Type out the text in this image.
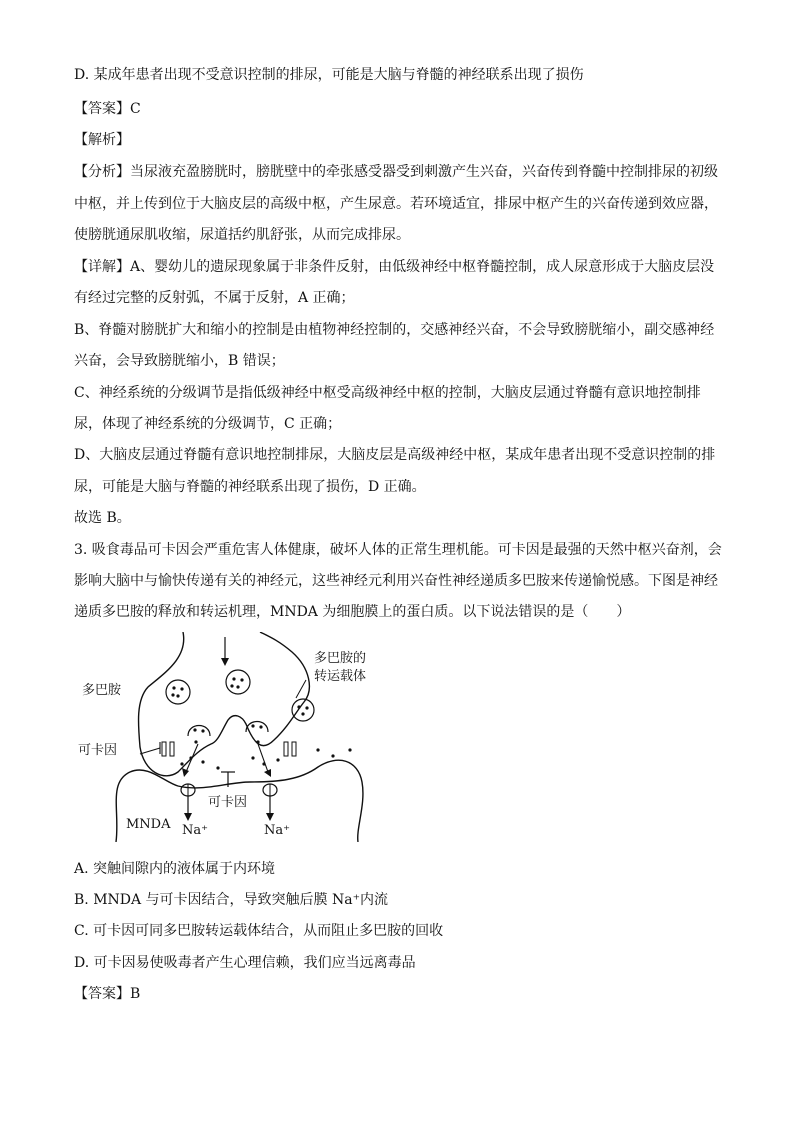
D. 某成年患者出现不受意识控制的排尿，可能是大脑与脊髓的神经联系出现了损伤
【答案】C
【解析】
【分析】当尿液充盈膀胱时，膀胱壁中的牵张感受器受到刺激产生兴奋，兴奋传到脊髓中控制排尿的初级
中枢，并上传到位于大脑皮层的高级中枢，产生尿意。若环境适宜，排尿中枢产生的兴奋传递到效应器，
使膀胱通尿肌收缩，尿道括约肌舒张，从而完成排尿。
【详解】A、婴幼儿的遗尿现象属于非条件反射，由低级神经中枢脊髓控制，成人尿意形成于大脑皮层没
有经过完整的反射弧，不属于反射，A 正确；
B、脊髓对膀胱扩大和缩小的控制是由植物神经控制的，交感神经兴奋，不会导致膀胱缩小，副交感神经
兴奋，会导致膀胱缩小，B 错误；
C、神经系统的分级调节是指低级神经中枢受高级神经中枢的控制，大脑皮层通过脊髓有意识地控制排
尿，体现了神经系统的分级调节，C 正确；
D、大脑皮层通过脊髓有意识地控制排尿，大脑皮层是高级神经中枢，某成年患者出现不受意识控制的排
尿，可能是大脑与脊髓的神经联系出现了损伤，D 正确。
故选 B。
3. 吸食毒品可卡因会严重危害人体健康，破坏人体的正常生理机能。可卡因是最强的天然中枢兴奋剂，会
影响大脑中与愉快传递有关的神经元，这些神经元利用兴奋性神经递质多巴胺来传递愉悦感。下图是神经
递质多巴胺的释放和转运机理，MNDA 为细胞膜上的蛋白质。以下说法错误的是（　　）
多巴胺
多巴胺的
转运载体
可卡因
可卡因
MNDA Na⁺	Na⁺
A. 突触间隙内的液体属于内环境
B. MNDA 与可卡因结合，导致突触后膜 Na⁺内流
C. 可卡因可同多巴胺转运载体结合，从而阻止多巴胺的回收
D. 可卡因易使吸毒者产生心理信赖，我们应当远离毒品
【答案】B
